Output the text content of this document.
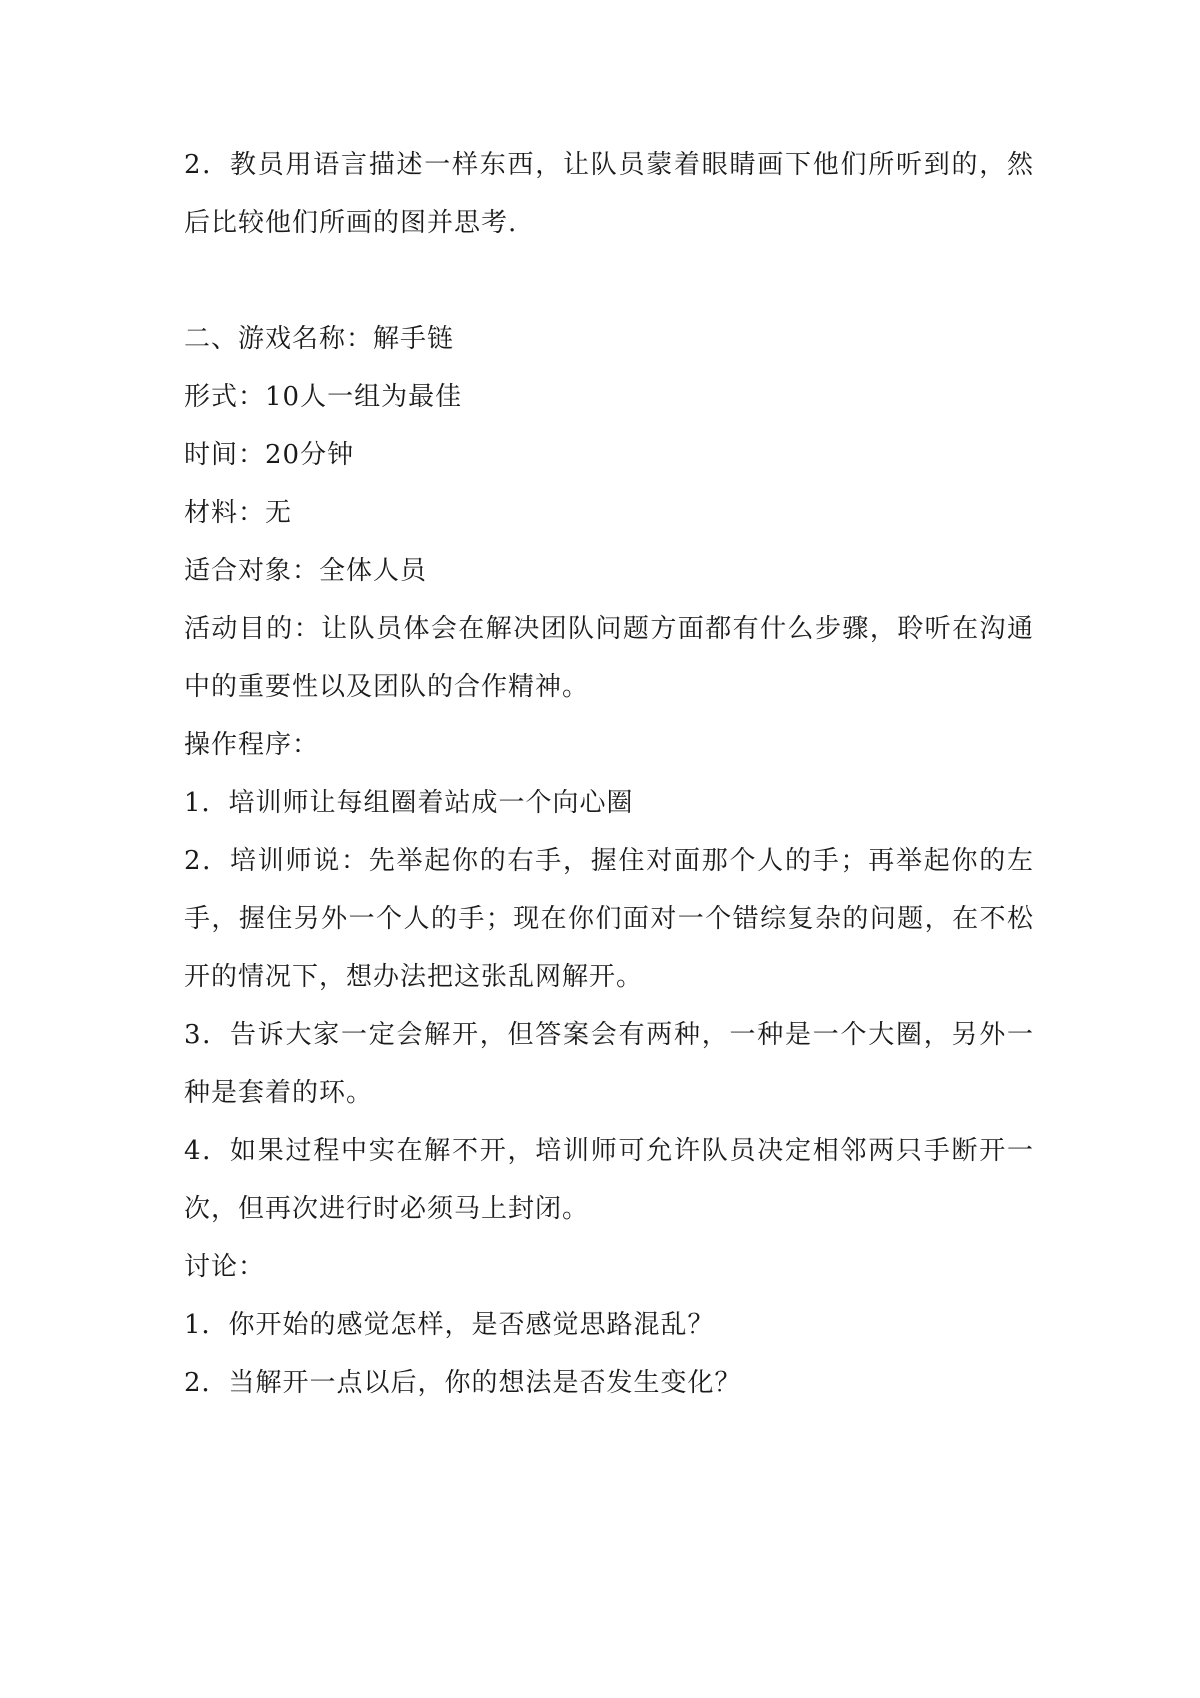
2．教员用语言描述一样东西，让队员蒙着眼睛画下他们所听到的，然
后比较他们所画的图并思考.
二、游戏名称：解手链
形式：10人一组为最佳
时间：20分钟
材料：无
适合对象：全体人员
活动目的：让队员体会在解决团队问题方面都有什么步骤，聆听在沟通
中的重要性以及团队的合作精神。
操作程序：
1．培训师让每组圈着站成一个向心圈
2．培训师说：先举起你的右手，握住对面那个人的手；再举起你的左
手，握住另外一个人的手；现在你们面对一个错综复杂的问题，在不松
开的情况下，想办法把这张乱网解开。
3．告诉大家一定会解开，但答案会有两种，一种是一个大圈，另外一
种是套着的环。
4．如果过程中实在解不开，培训师可允许队员决定相邻两只手断开一
次，但再次进行时必须马上封闭。
讨论：
1．你开始的感觉怎样，是否感觉思路混乱？
2．当解开一点以后，你的想法是否发生变化？
